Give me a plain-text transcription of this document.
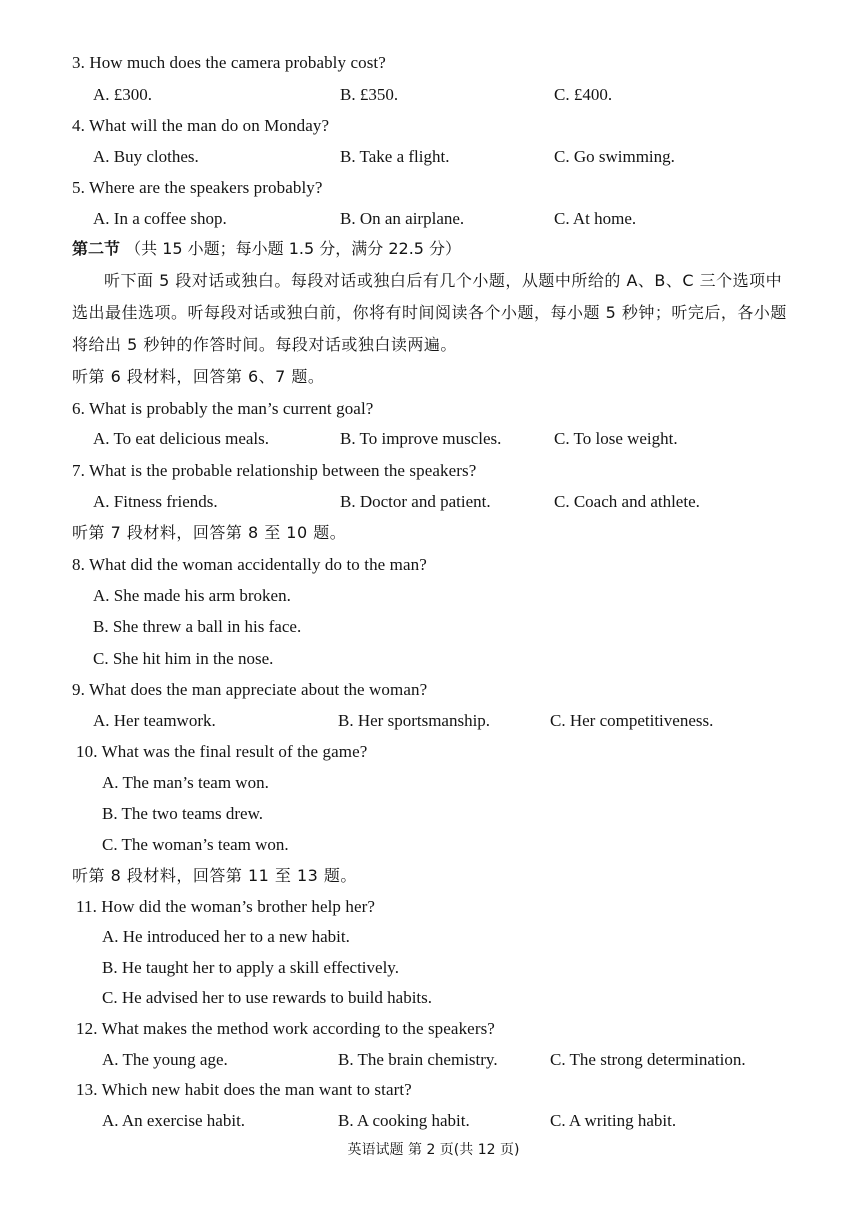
3. How much does the camera probably cost?
A. £300.	B. £350.	C. £400.
4. What will the man do on Monday?
A. Buy clothes.	B. Take a flight.	C. Go swimming.
5. Where are the speakers probably?
A. In a coffee shop.	B. On an airplane.	C. At home.
第二节 （共 15 小题；每小题 1.5 分，满分 22.5 分）
听下面 5 段对话或独白。每段对话或独白后有几个小题，从题中所给的 A、B、C 三个选项中
选出最佳选项。听每段对话或独白前，你将有时间阅读各个小题，每小题 5 秒钟；听完后，各小题
将给出 5 秒钟的作答时间。每段对话或独白读两遍。
听第 6 段材料，回答第 6、7 题。
6. What is probably the man’s current goal?
A. To eat delicious meals.	B. To improve muscles.	C. To lose weight.
7. What is the probable relationship between the speakers?
A. Fitness friends.	B. Doctor and patient.	C. Coach and athlete.
听第 7 段材料，回答第 8 至 10 题。
8. What did the woman accidentally do to the man?
A. She made his arm broken.
B. She threw a ball in his face.
C. She hit him in the nose.
9. What does the man appreciate about the woman?
A. Her teamwork.	B. Her sportsmanship.	C. Her competitiveness.
10. What was the final result of the game?
A. The man’s team won.
B. The two teams drew.
C. The woman’s team won.
听第 8 段材料，回答第 11 至 13 题。
11. How did the woman’s brother help her?
A. He introduced her to a new habit.
B. He taught her to apply a skill effectively.
C. He advised her to use rewards to build habits.
12. What makes the method work according to the speakers?
A. The young age.	B. The brain chemistry.	C. The strong determination.
13. Which new habit does the man want to start?
A. An exercise habit.	B. A cooking habit.	C. A writing habit.
英语试题 第 2 页(共 12 页)
